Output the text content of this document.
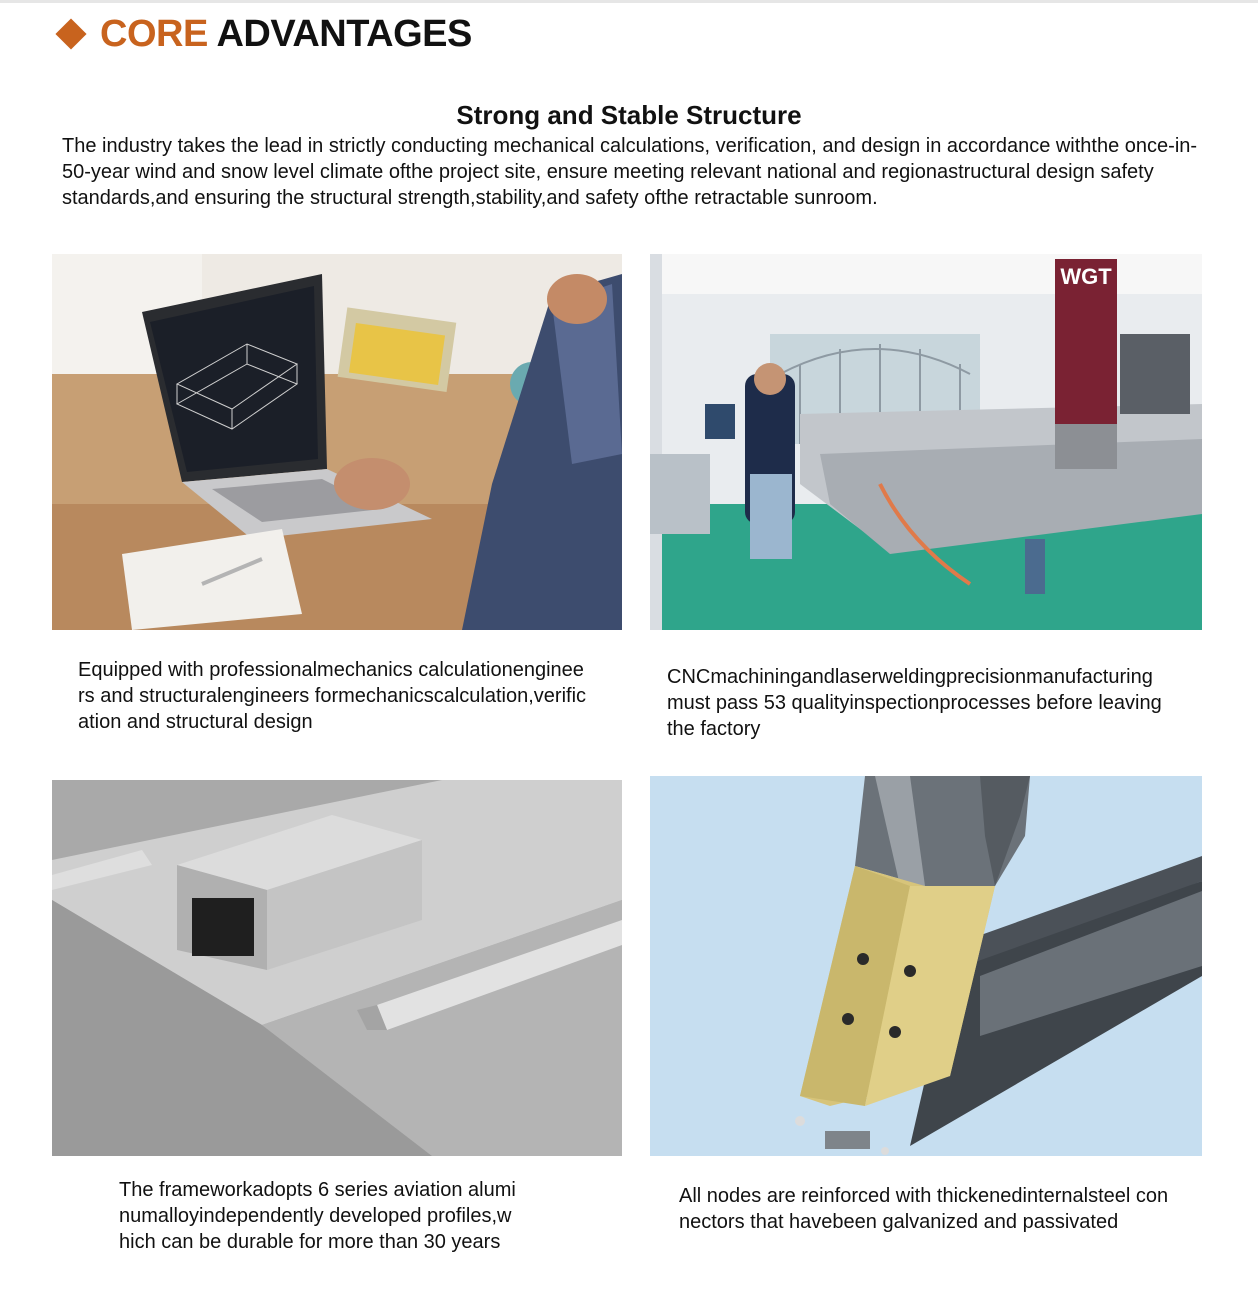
CORE ADVANTAGES
Strong and Stable Structure

The industry takes the lead in strictly conducting mechanical calculations, verification, and design in accordance withthe once-in-50-year wind and snow level climate ofthe project site, ensure meeting relevant national and regionastructural design safety standards,and ensuring the structural strength,stability,and safety ofthe retractable sunroom.

WGT

Equipped with professionalmechanics calculationengineers and structuralengineers formechanicscalculation,verification and structural design

CNCmachiningandlaserweldingprecisionmanufacturingmust pass 53 qualityinspectionprocesses before leaving the factory

The frameworkadopts 6 series aviation aluminumalloyindependently developed profiles,which can be durable for more than 30 years

All nodes are reinforced with thickenedinternalsteel connectors that havebeen galvanized and passivated
